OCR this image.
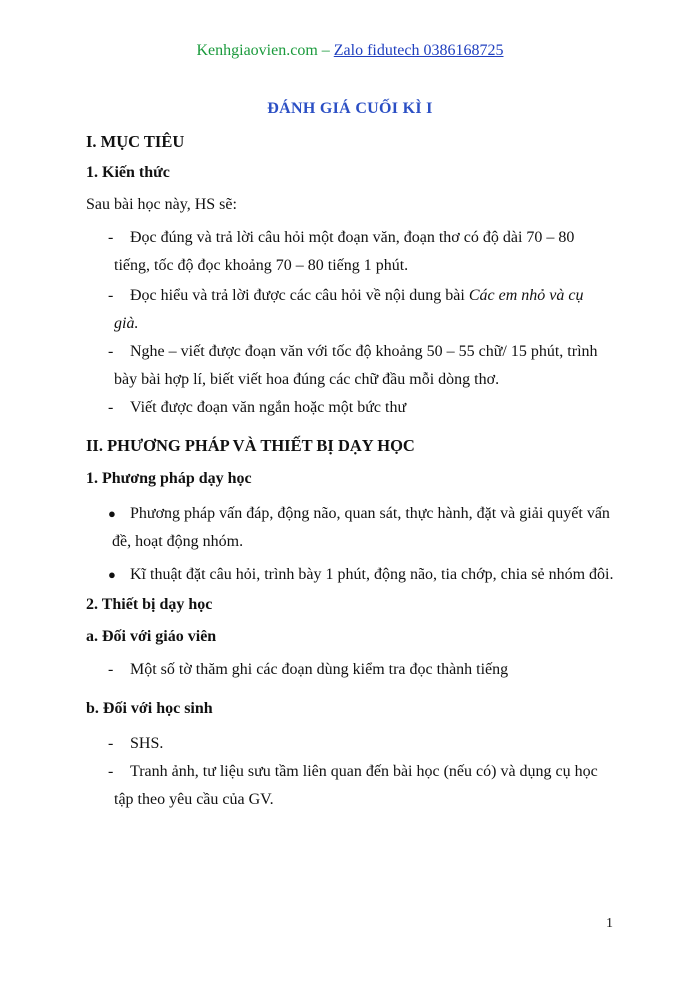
Kenhgiaovien.com – Zalo fidutech 0386168725
ĐÁNH GIÁ CUỐI KÌ I
I. MỤC TIÊU
1. Kiến thức
Sau bài học này, HS sẽ:
-	Đọc đúng và trả lời câu hỏi một đoạn văn, đoạn thơ có độ dài 70 – 80

tiếng, tốc độ đọc khoảng 70 – 80 tiếng 1 phút.
-	Đọc hiểu và trả lời được các câu hỏi về nội dung bài Các em nhỏ và cụ

già.
-	Nghe – viết được đoạn văn với tốc độ khoảng 50 – 55 chữ/ 15 phút, trình

bày bài hợp lí, biết viết hoa đúng các chữ đầu mỗi dòng thơ.
-	Viết được đoạn văn ngắn hoặc một bức thư
II. PHƯƠNG PHÁP VÀ THIẾT BỊ DẠY HỌC
1. Phương pháp dạy học
● Phương pháp vấn đáp, động não, quan sát, thực hành, đặt và giải quyết vấn

đề, hoạt động nhóm.
● Kĩ thuật đặt câu hỏi, trình bày 1 phút, động não, tia chớp, chia sẻ nhóm đôi.
2. Thiết bị dạy học
a. Đối với giáo viên
-	Một số tờ thăm ghi các đoạn dùng kiểm tra đọc thành tiếng
b. Đối với học sinh
-	SHS.
-	Tranh ảnh, tư liệu sưu tầm liên quan đến bài học (nếu có) và dụng cụ học

tập theo yêu cầu của GV.
1
